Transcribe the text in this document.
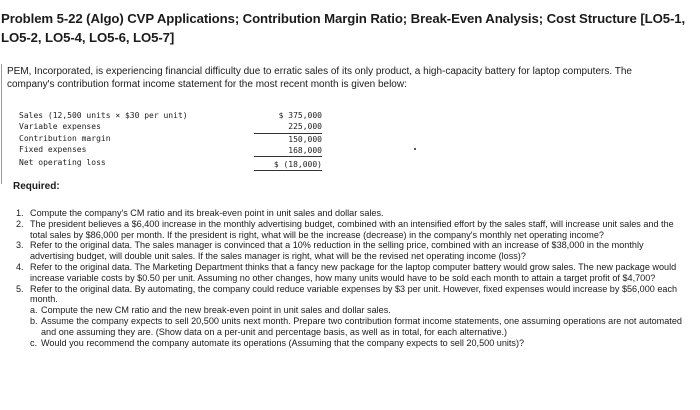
Problem 5-22 (Algo) CVP Applications; Contribution Margin Ratio; Break-Even Analysis; Cost Structure [LO5-1, LO5-2, LO5-4, LO5-6, LO5-7]
PEM, Incorporated, is experiencing financial difficulty due to erratic sales of its only product, a high-capacity battery for laptop computers. The company's contribution format income statement for the most recent month is given below:
Sales (12,500 units × $30 per unit)
Variable expenses
Contribution margin
Fixed expenses
Net operating loss
$ 375,000
225,000
150,000
168,000
$ (18,000)
Required:
1. Compute the company's CM ratio and its break-even point in unit sales and dollar sales.
2. The president believes a $6,400 increase in the monthly advertising budget, combined with an intensified effort by the sales staff, will increase unit sales and the total sales by $86,000 per month. If the president is right, what will be the increase (decrease) in the company's monthly net operating income?
3. Refer to the original data. The sales manager is convinced that a 10% reduction in the selling price, combined with an increase of $38,000 in the monthly advertising budget, will double unit sales. If the sales manager is right, what will be the revised net operating income (loss)?
4. Refer to the original data. The Marketing Department thinks that a fancy new package for the laptop computer battery would grow sales. The new package would increase variable costs by $0.50 per unit. Assuming no other changes, how many units would have to be sold each month to attain a target profit of $4,700?
5. Refer to the original data. By automating, the company could reduce variable expenses by $3 per unit. However, fixed expenses would increase by $56,000 each month.
a. Compute the new CM ratio and the new break-even point in unit sales and dollar sales.
b. Assume the company expects to sell 20,500 units next month. Prepare two contribution format income statements, one assuming operations are not automated and one assuming they are. (Show data on a per-unit and percentage basis, as well as in total, for each alternative.)
c. Would you recommend the company automate its operations (Assuming that the company expects to sell 20,500 units)?
